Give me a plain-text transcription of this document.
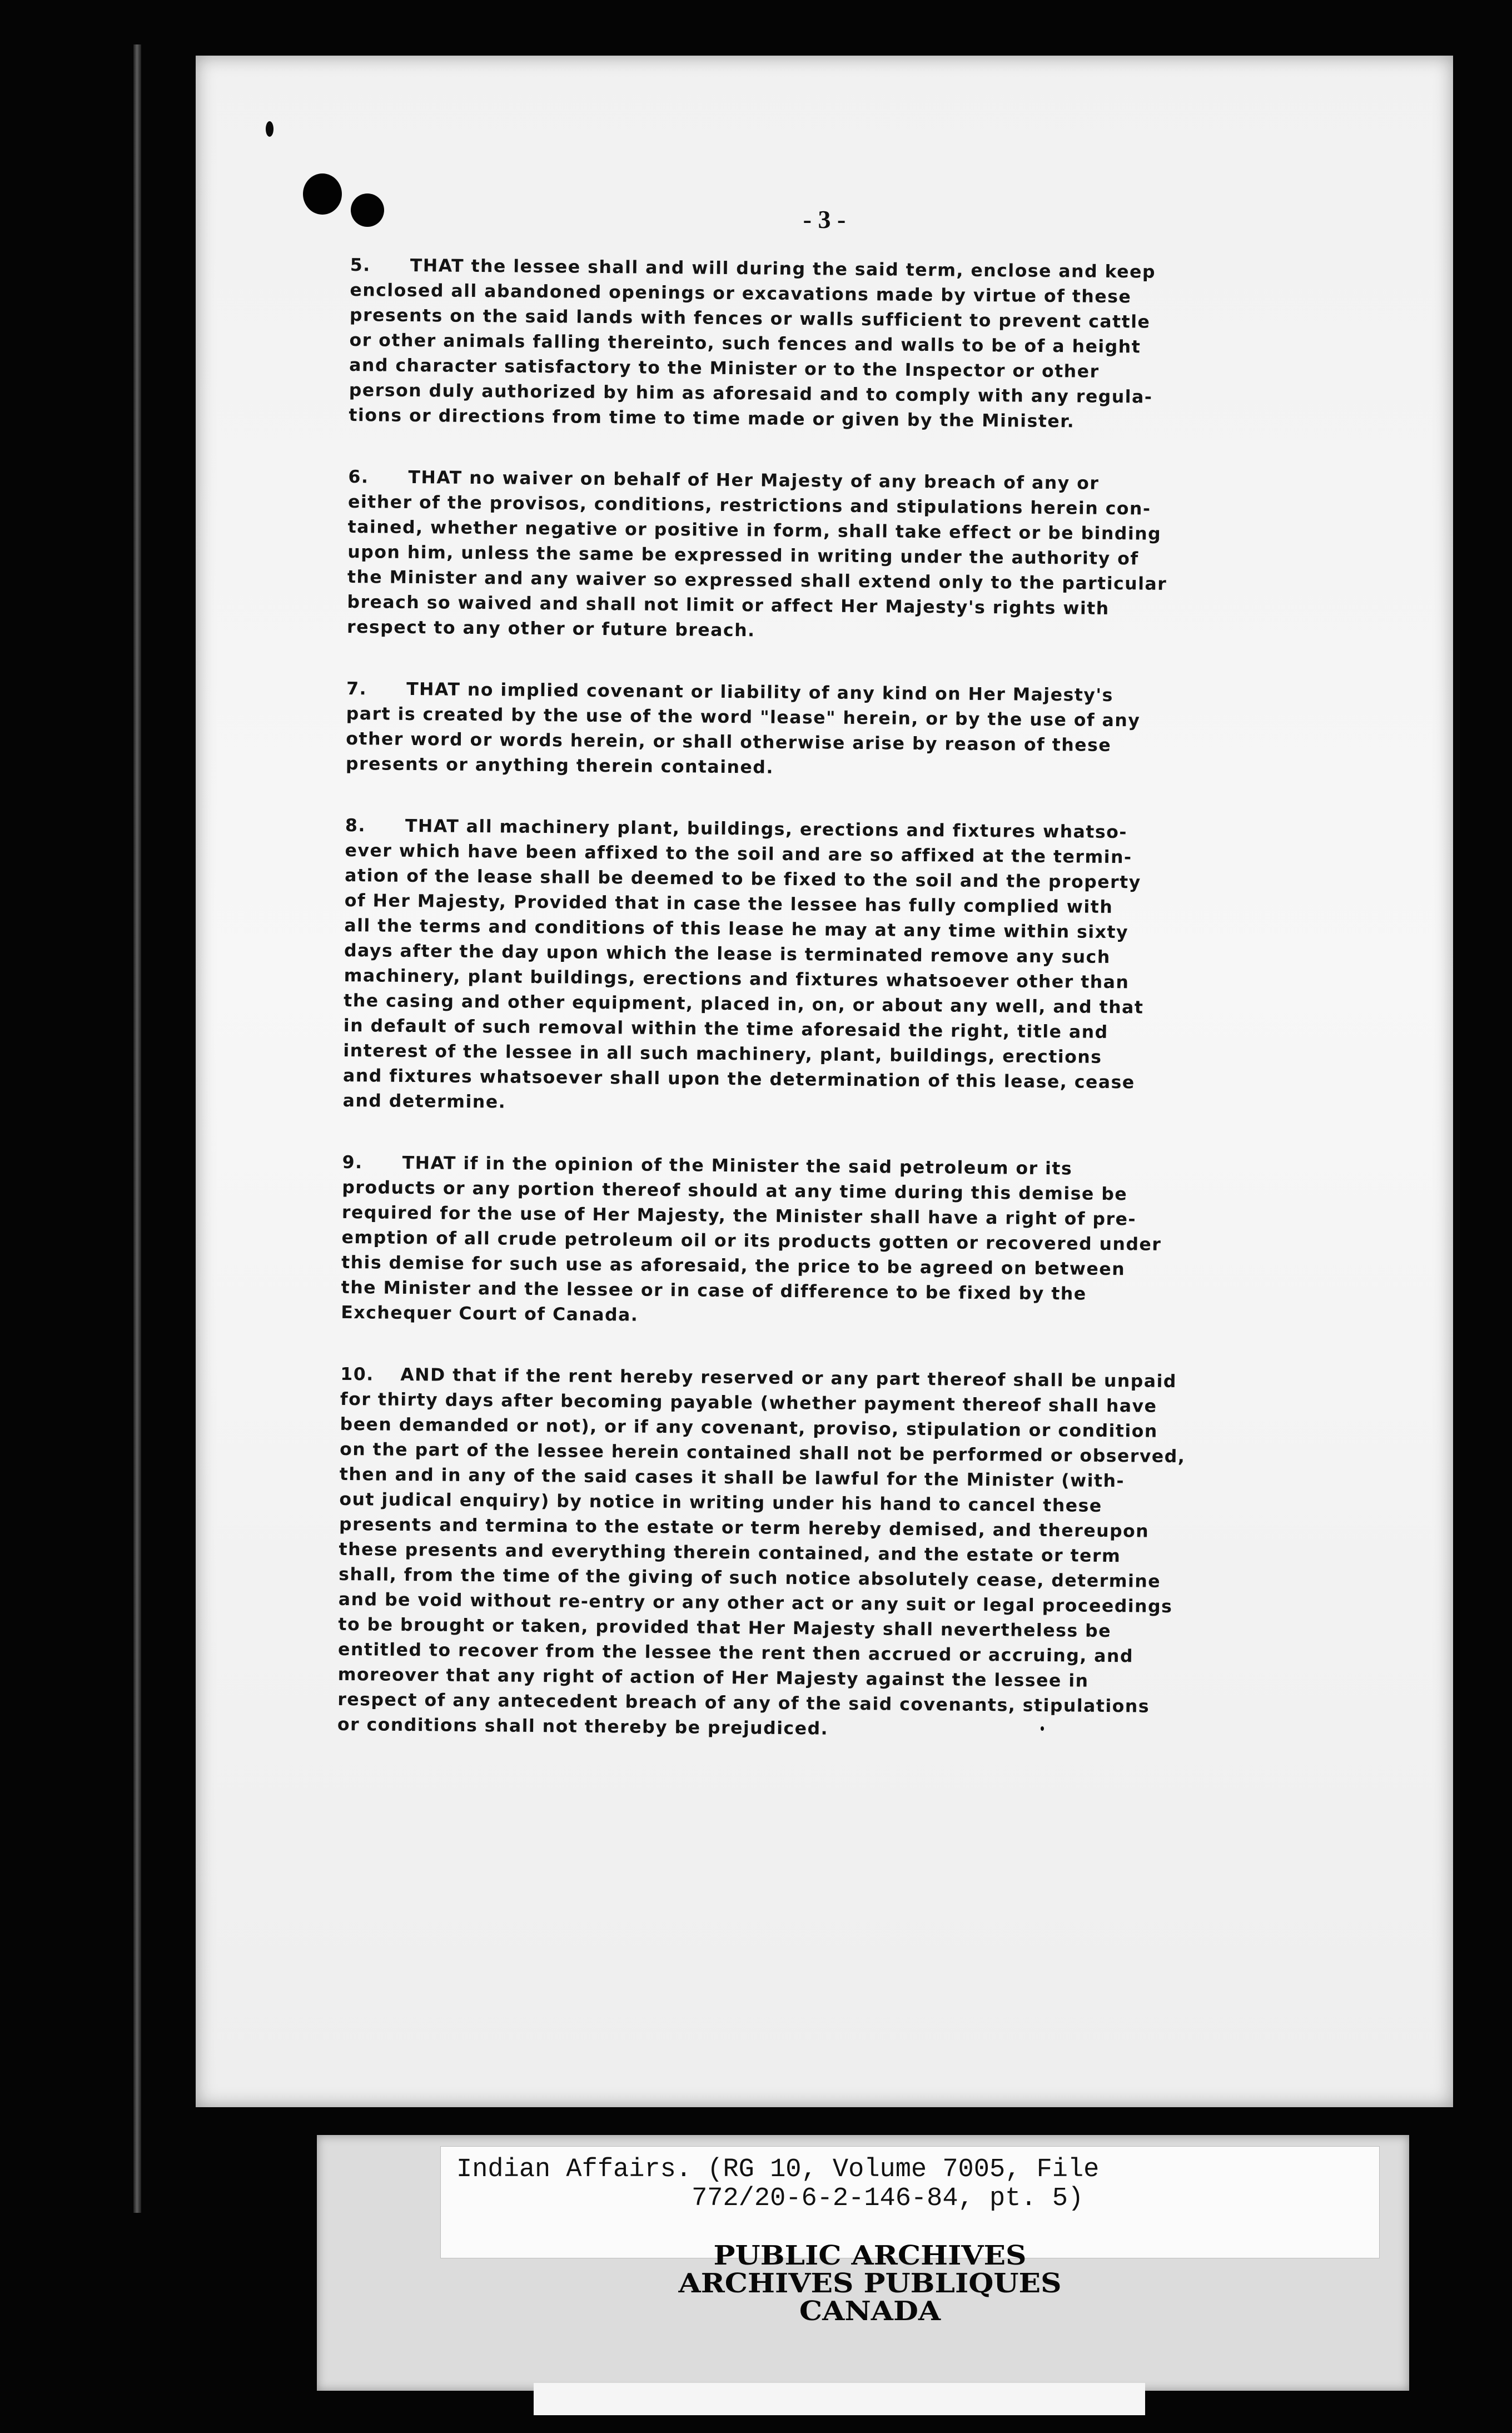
- 3 -
5. THAT the lessee shall and will during the said term, enclose and keep
enclosed all abandoned openings or excavations made by virtue of these
presents on the said lands with fences or walls sufficient to prevent cattle
or other animals falling thereinto, such fences and walls to be of a height
and character satisfactory to the Minister or to the Inspector or other
person duly authorized by him as aforesaid and to comply with any regula-
tions or directions from time to time made or given by the Minister.
6. THAT no waiver on behalf of Her Majesty of any breach of any or
either of the provisos, conditions, restrictions and stipulations herein con-
tained, whether negative or positive in form, shall take effect or be binding
upon him, unless the same be expressed in writing under the authority of
the Minister and any waiver so expressed shall extend only to the particular
breach so waived and shall not limit or affect Her Majesty's rights with
respect to any other or future breach.
7. THAT no implied covenant or liability of any kind on Her Majesty's
part is created by the use of the word "lease" herein, or by the use of any
other word or words herein, or shall otherwise arise by reason of these
presents or anything therein contained.
8. THAT all machinery plant, buildings, erections and fixtures whatso-
ever which have been affixed to the soil and are so affixed at the termin-
ation of the lease shall be deemed to be fixed to the soil and the property
of Her Majesty, Provided that in case the lessee has fully complied with
all the terms and conditions of this lease he may at any time within sixty
days after the day upon which the lease is terminated remove any such
machinery, plant buildings, erections and fixtures whatsoever other than
the casing and other equipment, placed in, on, or about any well, and that
in default of such removal within the time aforesaid the right, title and
interest of the lessee in all such machinery, plant, buildings, erections
and fixtures whatsoever shall upon the determination of this lease, cease
and determine.
9. THAT if in the opinion of the Minister the said petroleum or its
products or any portion thereof should at any time during this demise be
required for the use of Her Majesty, the Minister shall have a right of pre-
emption of all crude petroleum oil or its products gotten or recovered under
this demise for such use as aforesaid, the price to be agreed on between
the Minister and the lessee or in case of difference to be fixed by the
Exchequer Court of Canada.
10. AND that if the rent hereby reserved or any part thereof shall be unpaid
for thirty days after becoming payable (whether payment thereof shall have
been demanded or not), or if any covenant, proviso, stipulation or condition
on the part of the lessee herein contained shall not be performed or observed,
then and in any of the said cases it shall be lawful for the Minister (with-
out judical enquiry) by notice in writing under his hand to cancel these
presents and termina to the estate or term hereby demised, and thereupon
these presents and everything therein contained, and the estate or term
shall, from the time of the giving of such notice absolutely cease, determine
and be void without re-entry or any other act or any suit or legal proceedings
to be brought or taken, provided that Her Majesty shall nevertheless be
entitled to recover from the lessee the rent then accrued or accruing, and
moreover that any right of action of Her Majesty against the lessee in
respect of any antecedent breach of any of the said covenants, stipulations
or conditions shall not thereby be prejudiced.
Indian Affairs. (RG 10, Volume 7005, File
772/20-6-2-146-84, pt. 5)
PUBLIC ARCHIVES
ARCHIVES PUBLIQUES
CANADA
